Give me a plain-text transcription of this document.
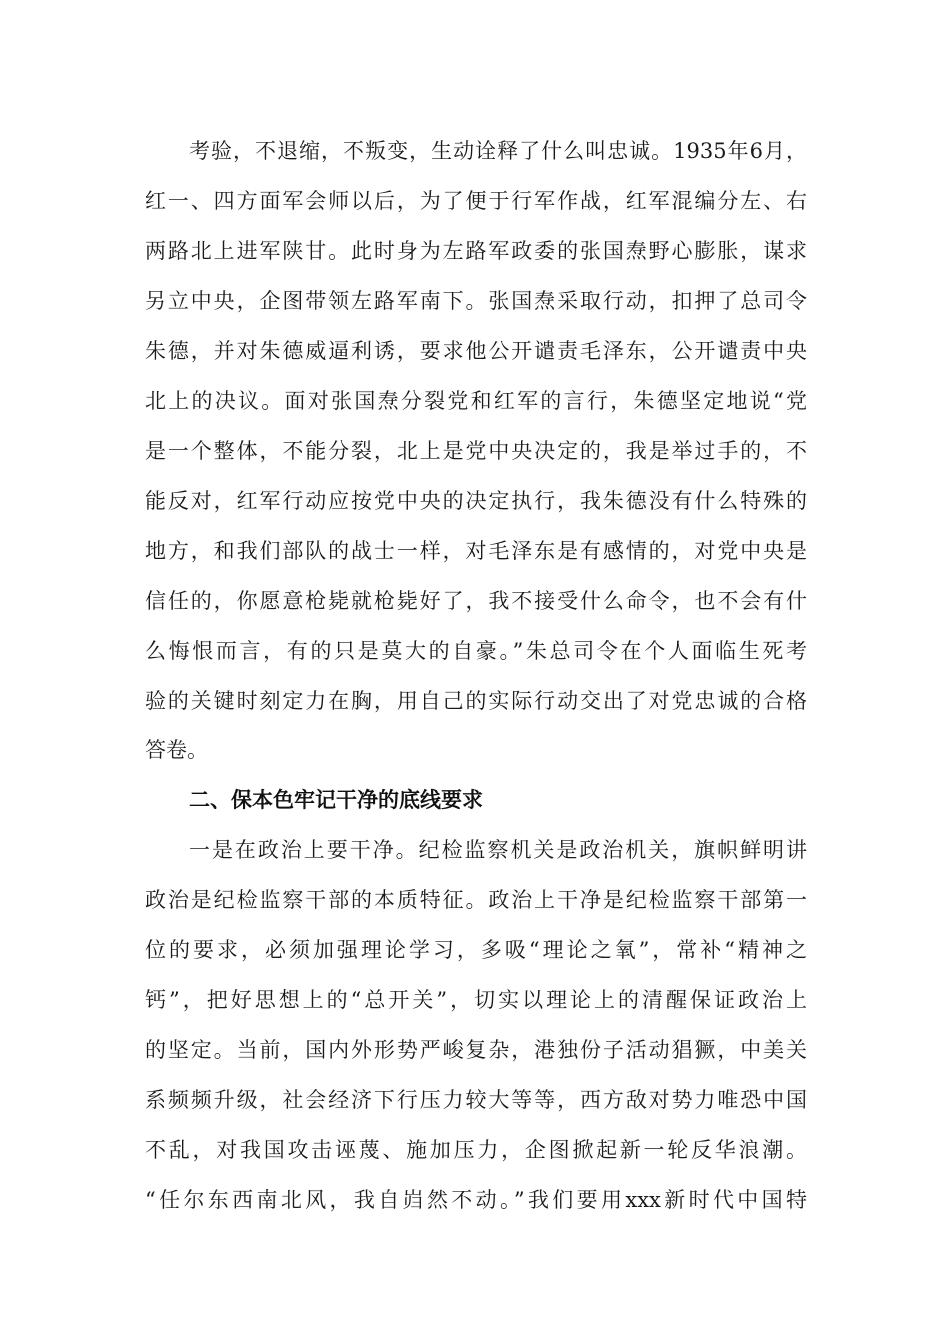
考验，不退缩，不叛变，生动诠释了什么叫忠诚。1935年6月，
红一、四方面军会师以后，为了便于行军作战，红军混编分左、右
两路北上进军陕甘。此时身为左路军政委的张国焘野心膨胀，谋求
另立中央，企图带领左路军南下。张国焘采取行动，扣押了总司令
朱德，并对朱德威逼利诱，要求他公开谴责毛泽东，公开谴责中央
北上的决议。面对张国焘分裂党和红军的言行，朱德坚定地说“党
是一个整体，不能分裂，北上是党中央决定的，我是举过手的，不
能反对，红军行动应按党中央的决定执行，我朱德没有什么特殊的
地方，和我们部队的战士一样，对毛泽东是有感情的，对党中央是
信任的，你愿意枪毙就枪毙好了，我不接受什么命令，也不会有什
么悔恨而言，有的只是莫大的自豪。”朱总司令在个人面临生死考
验的关键时刻定力在胸，用自己的实际行动交出了对党忠诚的合格
答卷。
二、保本色牢记干净的底线要求
一是在政治上要干净。纪检监察机关是政治机关，旗帜鲜明讲
政治是纪检监察干部的本质特征。政治上干净是纪检监察干部第一
位的要求，必须加强理论学习，多吸“理论之氧”，常补“精神之
钙”，把好思想上的“总开关”，切实以理论上的清醒保证政治上
的坚定。当前，国内外形势严峻复杂，港独份子活动猖獗，中美关
系频频升级，社会经济下行压力较大等等，西方敌对势力唯恐中国
不乱，对我国攻击诬蔑、施加压力，企图掀起新一轮反华浪潮。
“任尔东西南北风，我自岿然不动。”我们要用xxx新时代中国特
